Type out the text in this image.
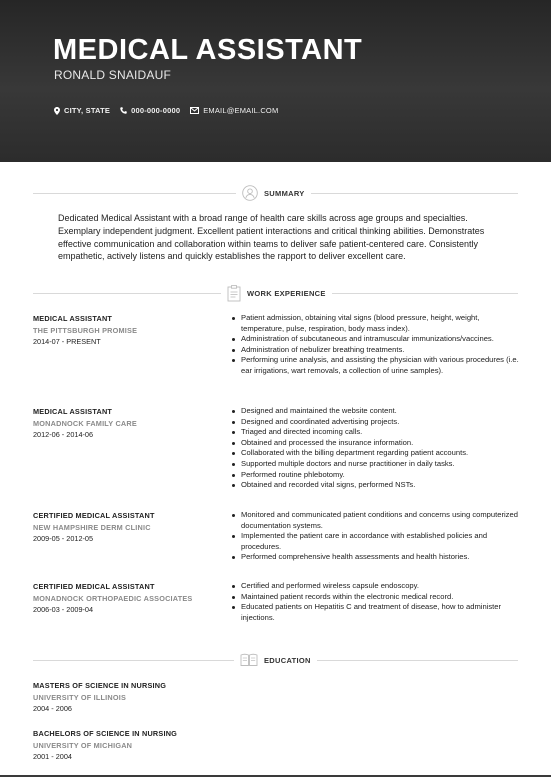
MEDICAL ASSISTANT
RONALD SNAIDAUF
CITY, STATE	000-000-0000	EMAIL@EMAIL.COM
SUMMARY
Dedicated Medical Assistant with a broad range of health care skills across age groups and specialties. Exemplary independent judgment. Excellent patient interactions and critical thinking abilities. Demonstrates effective communication and collaboration within teams to deliver safe patient-centered care. Consistently empathetic, actively listens and quickly establishes the rapport to deliver excellent care.
WORK EXPERIENCE
MEDICAL ASSISTANT
THE PITTSBURGH PROMISE
2014-07 - PRESENT
Patient admission, obtaining vital signs (blood pressure, height, weight, temperature, pulse, respiration, body mass index).
Administration of subcutaneous and intramuscular immunizations/vaccines.
Administration of nebulizer breathing treatments.
Performing urine analysis, and assisting the physician with various procedures (i.e. ear irrigations, wart removals, a collection of urine samples).
MEDICAL ASSISTANT
MONADNOCK FAMILY CARE
2012-06 - 2014-06
Designed and maintained the website content.
Designed and coordinated advertising projects.
Triaged and directed incoming calls.
Obtained and processed the insurance information.
Collaborated with the billing department regarding patient accounts.
Supported multiple doctors and nurse practitioner in daily tasks.
Performed routine phlebotomy.
Obtained and recorded vital signs, performed NSTs.
CERTIFIED MEDICAL ASSISTANT
NEW HAMPSHIRE DERM CLINIC
2009-05 - 2012-05
Monitored and communicated patient conditions and concerns using computerized documentation systems.
Implemented the patient care in accordance with established policies and procedures.
Performed comprehensive health assessments and health histories.
CERTIFIED MEDICAL ASSISTANT
MONADNOCK ORTHOPAEDIC ASSOCIATES
2006-03 - 2009-04
Certified and performed wireless capsule endoscopy.
Maintained patient records within the electronic medical record.
Educated patients on Hepatitis C and treatment of disease, how to administer injections.
EDUCATION
MASTERS OF SCIENCE IN NURSING
UNIVERSITY OF ILLINOIS
2004 - 2006
BACHELORS OF SCIENCE IN NURSING
UNIVERSITY OF MICHIGAN
2001 - 2004
